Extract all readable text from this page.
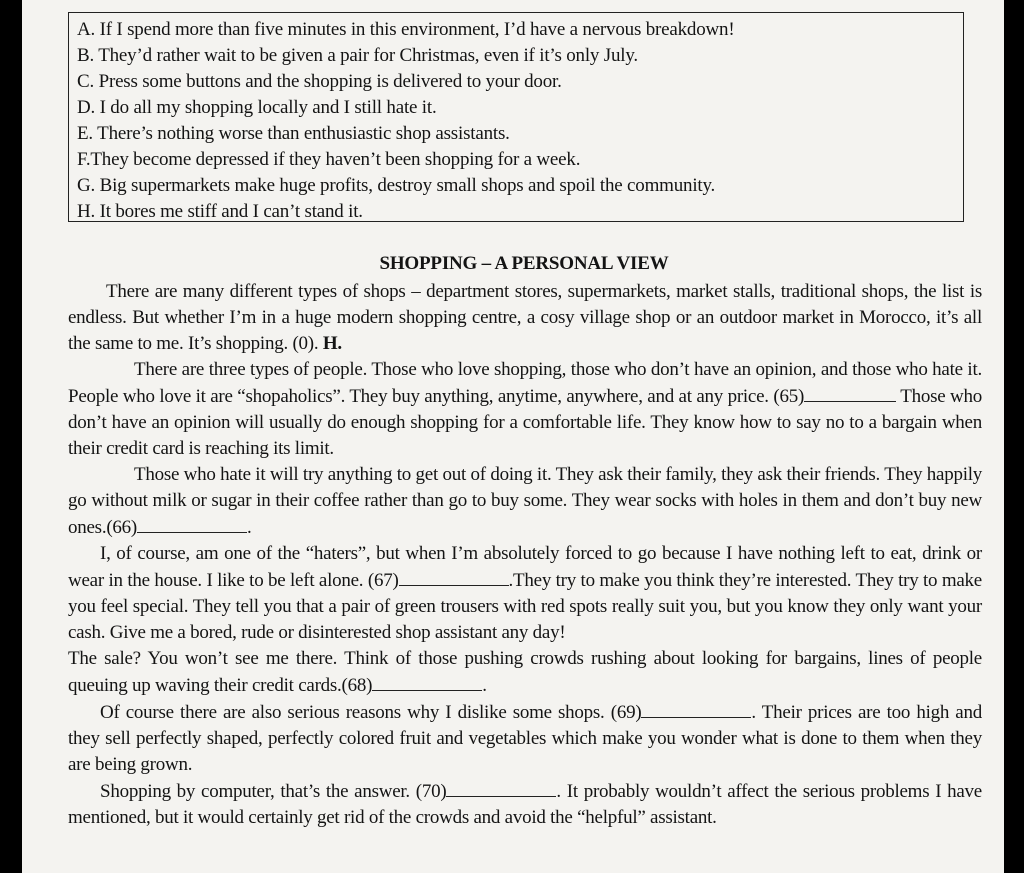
A. If I spend more than five minutes in this environment, I’d have a nervous breakdown!
B. They’d rather wait to be given a pair for Christmas, even if it’s only July.
C. Press some buttons and the shopping is delivered to your door.
D. I do all my shopping locally and I still hate it.
E. There’s nothing worse than enthusiastic shop assistants.
F.They become depressed if they haven’t been shopping for a week.
G. Big supermarkets make huge profits, destroy small shops and spoil the community.
H. It bores me stiff and I can’t stand it.
SHOPPING – A PERSONAL VIEW

There are many different types of shops – department stores, supermarkets, market stalls, traditional shops, the list is endless. But whether I’m in a huge modern shopping centre, a cosy village shop or an outdoor market in Morocco, it’s all the same to me. It’s shopping. (0). H.

There are three types of people. Those who love shopping, those who don’t have an opinion, and those who hate it. People who love it are “shopaholics”. They buy anything, anytime, anywhere, and at any price. (65)	Those who don’t have an opinion will usually do enough shopping for a comfortable life. They know how to say no to a bargain when their credit card is reaching its limit.

Those who hate it will try anything to get out of doing it. They ask their family, they ask their friends. They happily go without milk or sugar in their coffee rather than go to buy some. They wear socks with holes in them and don’t buy new ones.(66)	.

I, of course, am one of the “haters”, but when I’m absolutely forced to go because I have nothing left to eat, drink or wear in the house. I like to be left alone. (67)	.They try to make you think they’re interested. They try to make you feel special. They tell you that a pair of green trousers with red spots really suit you, but you know they only want your cash. Give me a bored, rude or disinterested shop assistant any day!

The sale? You won’t see me there. Think of those pushing crowds rushing about looking for bargains, lines of people queuing up waving their credit cards.(68)	.

Of course there are also serious reasons why I dislike some shops. (69)	. Their prices are too high and they sell perfectly shaped, perfectly colored fruit and vegetables which make you wonder what is done to them when they are being grown.

Shopping by computer, that’s the answer. (70)	. It probably wouldn’t affect the serious problems I have mentioned, but it would certainly get rid of the crowds and avoid the “helpful” assistant.
